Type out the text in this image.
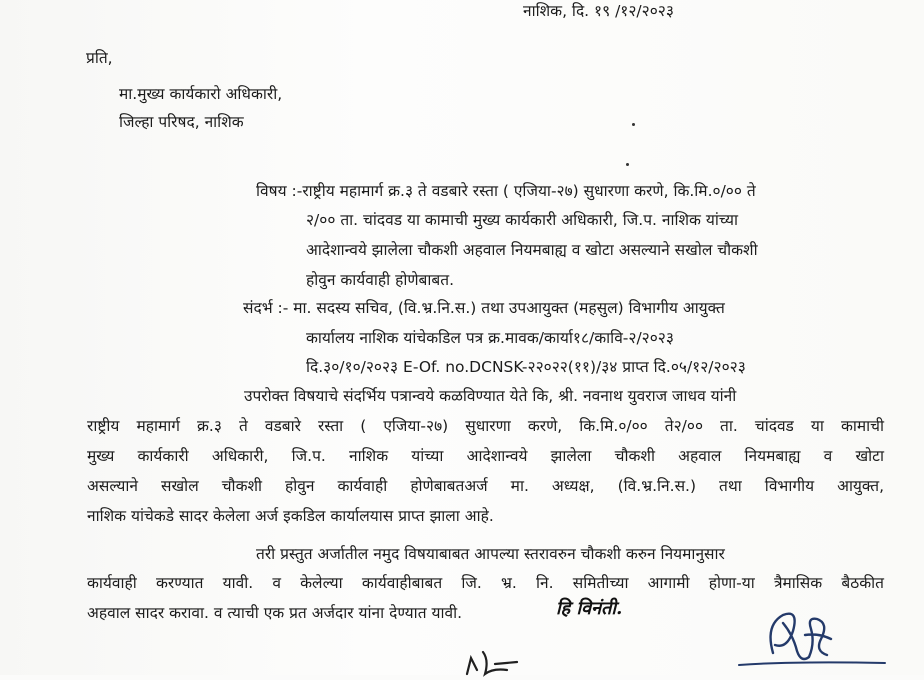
नाशिक, दि. १९ /१२/२०२३
प्रति,
मा.मुख्य कार्यकारो अधिकारी,
जिल्हा परिषद, नाशिक
विषय :-राष्ट्रीय महामार्ग क्र.३ ते वडबारे रस्ता ( एजिया-२७) सुधारणा करणे, कि.मि.०/०० ते
२/०० ता. चांदवड या कामाची मुख्य कार्यकारी अधिकारी, जि.प. नाशिक यांच्या
आदेशान्वये झालेला चौकशी अहवाल नियमबाह्य व खोटा असल्याने सखोल चौकशी
होवुन कार्यवाही होणेबाबत.
संदर्भ :- मा. सदस्य सचिव, (वि.भ्र.नि.स.) तथा उपआयुक्त (महसुल) विभागीय आयुक्त
कार्यालय नाशिक यांचेकडिल पत्र क्र.मावक/कार्या१८/कावि-२/२०२३
दि.३०/१०/२०२३ E-Of. no.DCNSK-२२०२२(११)/३४ प्राप्त दि.०५/१२/२०२३
उपरोक्त विषयाचे संदर्भिय पत्रान्वये कळविण्यात येते कि, श्री. नवनाथ युवराज जाधव यांनी
राष्ट्रीय महामार्ग क्र.३ ते वडबारे रस्ता ( एजिया-२७) सुधारणा करणे, कि.मि.०/०० ते२/०० ता. चांदवड या कामाची
मुख्य कार्यकारी अधिकारी, जि.प. नाशिक यांच्या आदेशान्वये झालेला चौकशी अहवाल नियमबाह्य व खोटा
असल्याने सखोल चौकशी होवुन कार्यवाही होणेबाबतअर्ज मा. अध्यक्ष, (वि.भ्र.नि.स.) तथा विभागीय आयुक्त,
नाशिक यांचेकडे सादर केलेला अर्ज इकडिल कार्यालयास प्राप्त झाला आहे.
तरी प्रस्तुत अर्जातील नमुद विषयाबाबत आपल्या स्तरावरुन चौकशी करुन नियमानुसार
कार्यवाही करण्यात यावी. व केलेल्या कार्यवाहीबाबत जि. भ्र. नि. समितीच्या आगामी होणा-या त्रैमासिक बैठकीत
अहवाल सादर करावा. व त्याची एक प्रत अर्जदार यांना देण्यात यावी.	हि विनंती.
